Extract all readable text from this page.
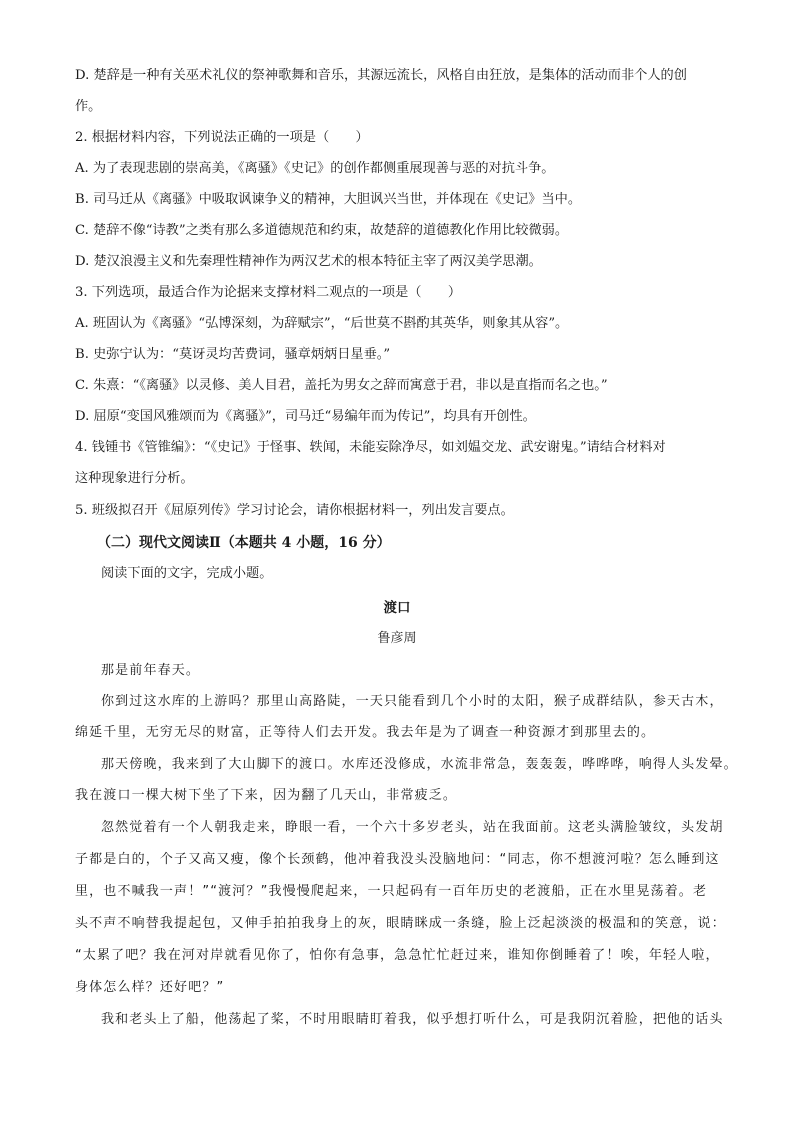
D. 楚辞是一种有关巫术礼仪的祭神歌舞和音乐，其源远流长，风格自由狂放，是集体的活动而非个人的创
作。
2. 根据材料内容，下列说法正确的一项是（　　）
A. 为了表现悲剧的崇高美，《离骚》《史记》的创作都侧重展现善与恶的对抗斗争。
B. 司马迁从《离骚》中吸取讽谏争义的精神，大胆讽兴当世，并体现在《史记》当中。
C. 楚辞不像“诗教”之类有那么多道德规范和约束，故楚辞的道德教化作用比较微弱。
D. 楚汉浪漫主义和先秦理性精神作为两汉艺术的根本特征主宰了两汉美学思潮。
3. 下列选项，最适合作为论据来支撑材料二观点的一项是（　　）
A. 班固认为《离骚》“弘博深刻，为辞赋宗”，“后世莫不斟酌其英华，则象其从容”。
B. 史弥宁认为：“莫讶灵均苦费词，骚章炳炳日星垂。”
C. 朱熹：“《离骚》以灵修、美人目君，盖托为男女之辞而寓意于君，非以是直指而名之也。”
D. 屈原“变国风雅颂而为《离骚》”，司马迁“易编年而为传记”，均具有开创性。
4. 钱锺书《管锥编》：“《史记》于怪事、轶闻，未能妄除净尽，如刘媪交龙、武安谢鬼。”请结合材料对
这种现象进行分析。
5. 班级拟召开《屈原列传》学习讨论会，请你根据材料一，列出发言要点。
（二）现代文阅读Ⅱ（本题共 4 小题，16 分）
阅读下面的文字，完成小题。
渡口
鲁彦周
那是前年春天。
你到过这水库的上游吗？那里山高路陡，一天只能看到几个小时的太阳，猴子成群结队，参天古木，
绵延千里，无穷无尽的财富，正等待人们去开发。我去年是为了调查一种资源才到那里去的。
那天傍晚，我来到了大山脚下的渡口。水库还没修成，水流非常急，轰轰轰，哗哗哗，响得人头发晕。
我在渡口一棵大树下坐了下来，因为翻了几天山，非常疲乏。
忽然觉着有一个人朝我走来，睁眼一看，一个六十多岁老头，站在我面前。这老头满脸皱纹，头发胡
子都是白的，个子又高又瘦，像个长颈鹤，他冲着我没头没脑地问：“同志，你不想渡河啦？怎么睡到这
里，也不喊我一声！”“渡河？”我慢慢爬起来，一只起码有一百年历史的老渡船，正在水里晃荡着。老
头不声不响替我提起包，又伸手拍拍我身上的灰，眼睛眯成一条缝，脸上泛起淡淡的极温和的笑意，说：
“太累了吧？我在河对岸就看见你了，怕你有急事，急急忙忙赶过来，谁知你倒睡着了！唉，年轻人啦，
身体怎么样？还好吧？”
我和老头上了船，他荡起了桨，不时用眼睛盯着我，似乎想打听什么，可是我阴沉着脸，把他的话头
